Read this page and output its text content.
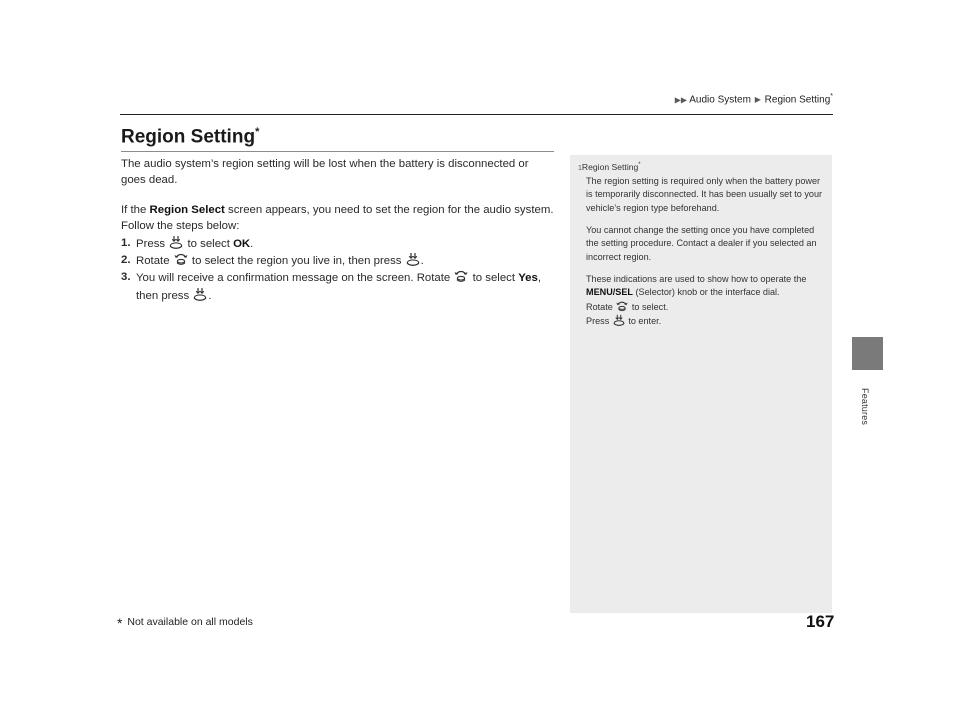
▶▶ Audio System ▶ Region Setting*
Features
Region Setting*

The audio system’s region setting will be lost when the battery is disconnected or goes dead.

If the Region Select screen appears, you need to set the region for the audio system. Follow the steps below:

1. Press to select OK.
2. Rotate to select the region you live in, then press .
3. You will receive a confirmation message on the screen. Rotate to select Yes, then press .

1Region Setting*

The region setting is required only when the battery power is temporarily disconnected. It has been usually set to your vehicle’s region type beforehand.

You cannot change the setting once you have completed the setting procedure. Contact a dealer if you selected an incorrect region.

These indications are used to show how to operate the MENU/SEL (Selector) knob or the interface dial.

Rotate to select.

Press to enter.

167
* Not available on all models
